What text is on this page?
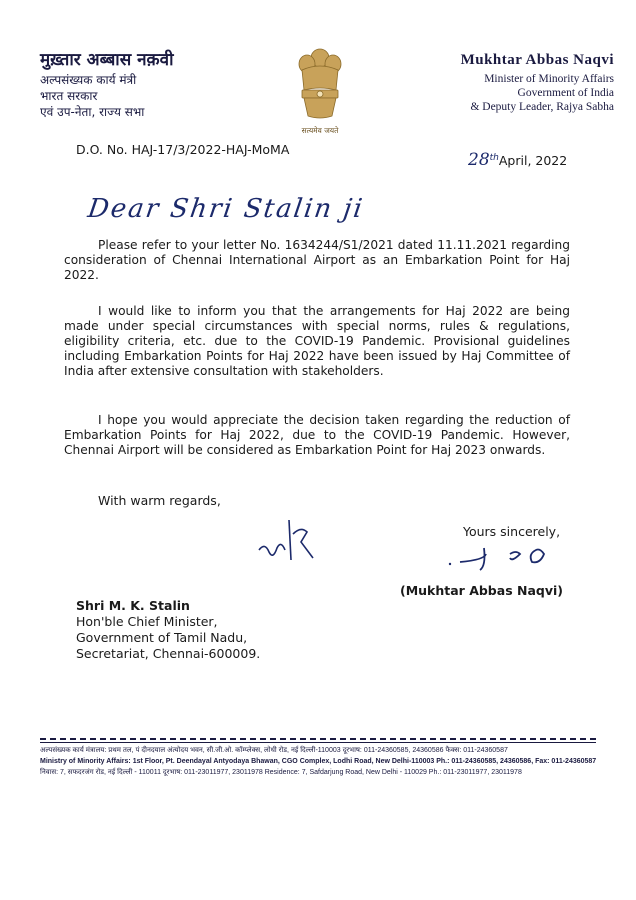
मुख़्तार अब्बास नक़वी
अल्पसंख्यक कार्य मंत्री
भारत सरकार
एवं उप-नेता, राज्य सभा
सत्यमेव जयते
Mukhtar Abbas Naqvi
Minister of Minority Affairs
Government of India
& Deputy Leader, Rajya Sabha
D.O. No. HAJ-17/3/2022-HAJ-MoMA
28thApril, 2022
Dear Shri Stalin ji
Please refer to your letter No. 1634244/S1/2021 dated 11.11.2021 regarding consideration of Chennai International Airport as an Embarkation Point for Haj 2022.
I would like to inform you that the arrangements for Haj 2022 are being made under special circumstances with special norms, rules & regulations, eligibility criteria, etc. due to the COVID-19 Pandemic. Provisional guidelines including Embarkation Points for Haj 2022 have been issued by Haj Committee of India after extensive consultation with stakeholders.
I hope you would appreciate the decision taken regarding the reduction of Embarkation Points for Haj 2022, due to the COVID-19 Pandemic. However, Chennai Airport will be considered as Embarkation Point for Haj 2023 onwards.
With warm regards,
Yours sincerely,
(Mukhtar Abbas Naqvi)
Shri M. K. Stalin
Hon'ble Chief Minister,
Government of Tamil Nadu,
Secretariat, Chennai-600009.
अल्पसंख्यक कार्य मंत्रालय: प्रथम तल, पं दीनदयाल अंत्योदय भवन, सी.जी.ओ. कॉम्प्लेक्स, लोधी रोड, नई दिल्ली-110003 दूरभाष: 011-24360585, 24360586 फैक्स: 011-24360587
Ministry of Minority Affairs: 1st Floor, Pt. Deendayal Antyodaya Bhawan, CGO Complex, Lodhi Road, New Delhi-110003 Ph.: 011-24360585, 24360586, Fax: 011-24360587
निवास: 7, सफदरजंग रोड, नई दिल्ली - 110011 दूरभाष: 011-23011977, 23011978 Residence: 7, Safdarjung Road, New Delhi - 110029 Ph.: 011-23011977, 23011978
